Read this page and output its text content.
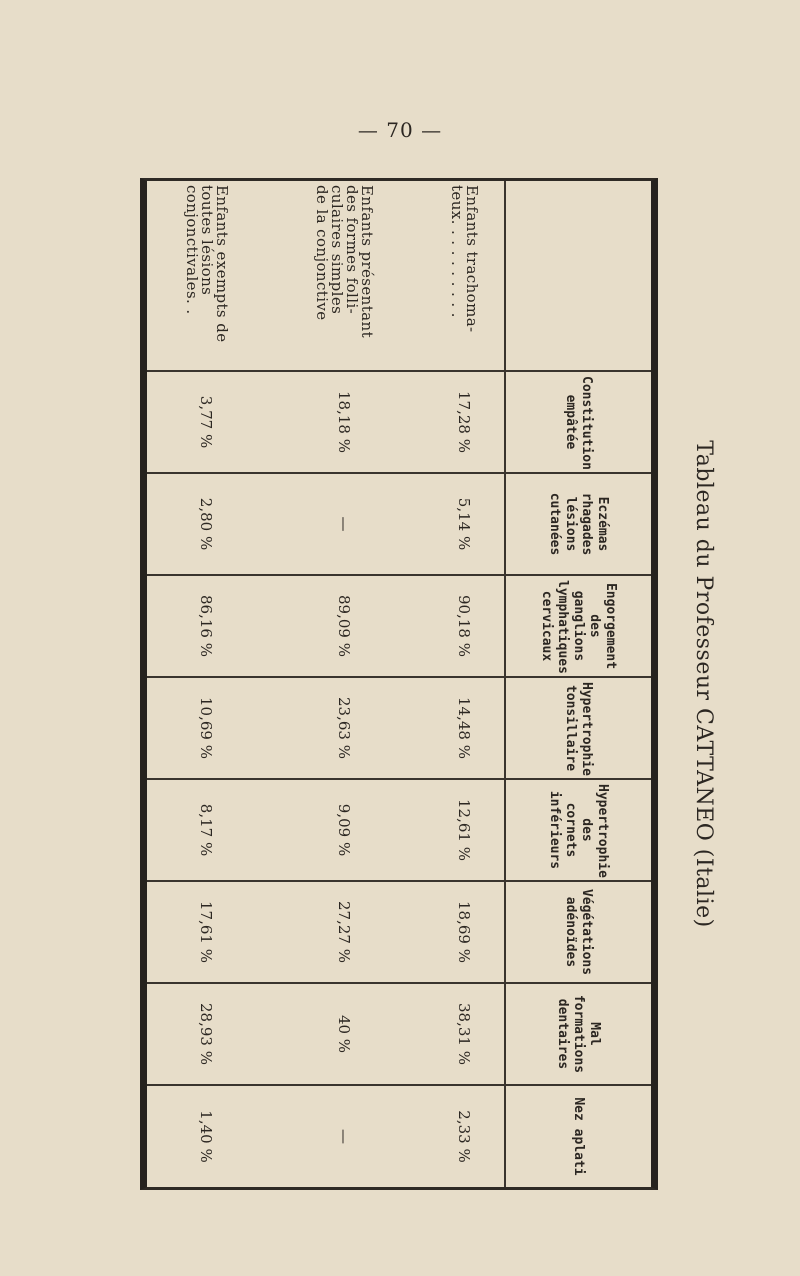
— 70 —
Tableau du Professeur CATTANEO (Italie)

	Constitution
empâtée	Eczémas
rhagades
lésions
cutanées	Engorgement
des ganglions
lymphatiques
cervicaux	Hypertrophie
tonsillaire	Hypertrophie
des
cornets
inférieurs	Végétations
adénoïdes	Mal formations
dentaires	Nez aplati

Enfants trachoma-
teux. . . . . . . . . .	17,28 %	5,14 %	90,18 %	14,48 %	12,61 %	18,69 %	38,31 %	2,33 %

Enfants présentant
des formes folli-
culaires simples
de la conjonctive	18,18 %	—	89,09 %	23,63 %	9,09 %	27,27 %	40 %	—

Enfants exempts de
toutes lésions
conjonctivales. .	3,77 %	2,80 %	86,16 %	10,69 %	8,17 %	17,61 %	28,93 %	1,40 %
